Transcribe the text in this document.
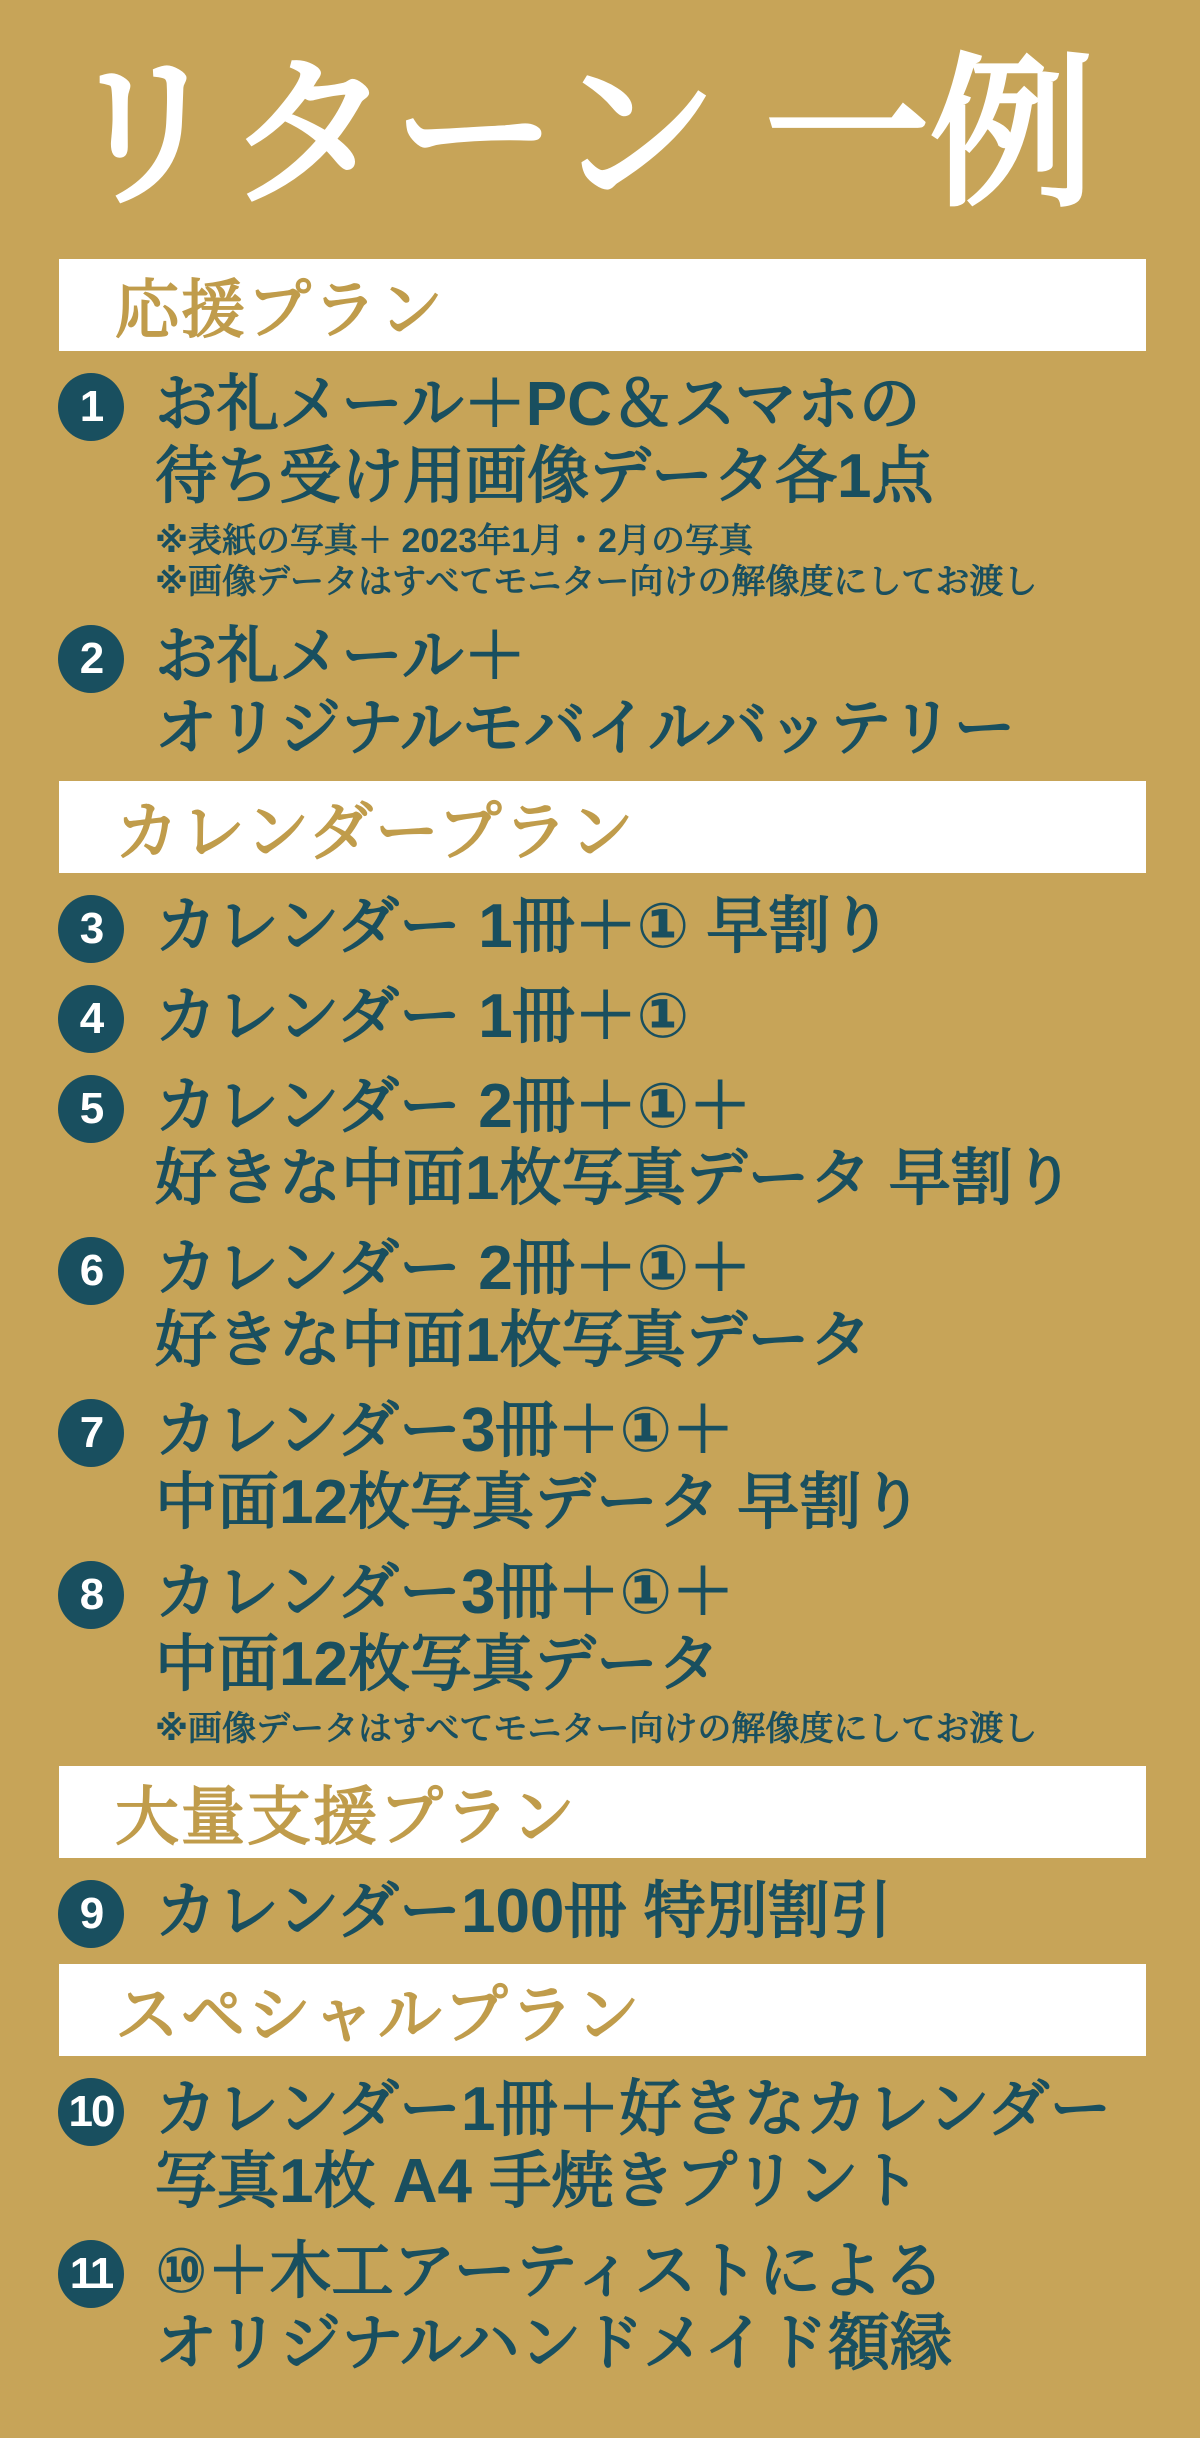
リターン 一例
応援プラン
1 お礼メール＋PC＆スマホの
待ち受け用画像データ各1点
※表紙の写真＋ 2023年1月・2月の写真
※画像データはすべてモニター向けの解像度にしてお渡し
2 お礼メール＋
オリジナルモバイルバッテリー
カレンダープラン
3 カレンダー 1冊＋① 早割り
4 カレンダー 1冊＋①
5 カレンダー 2冊＋①＋
好きな中面1枚写真データ 早割り
6 カレンダー 2冊＋①＋
好きな中面1枚写真データ
7 カレンダー3冊＋①＋
中面12枚写真データ 早割り
8 カレンダー3冊＋①＋
中面12枚写真データ
※画像データはすべてモニター向けの解像度にしてお渡し
大量支援プラン
9 カレンダー100冊 特別割引
スペシャルプラン
10 カレンダー1冊＋好きなカレンダー
写真1枚 A4 手焼きプリント
11 ⑩＋木工アーティストによる
オリジナルハンドメイド額縁
